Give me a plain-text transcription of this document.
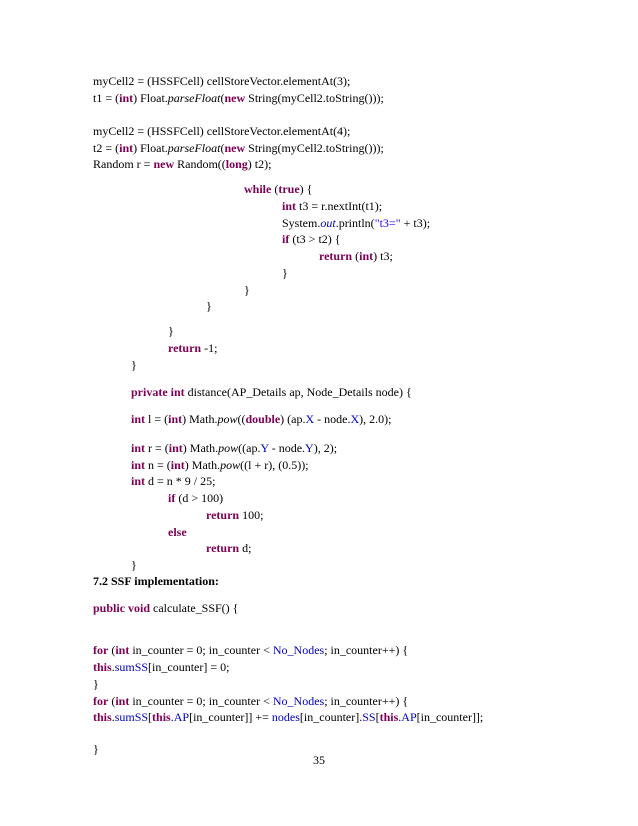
myCell2 = (HSSFCell) cellStoreVector.elementAt(3);
t1 = (int) Float.parseFloat(new String(myCell2.toString()));
myCell2 = (HSSFCell) cellStoreVector.elementAt(4);
t2 = (int) Float.parseFloat(new String(myCell2.toString()));
Random r = new Random((long) t2);
while (true) {
int t3 = r.nextInt(t1);
System.out.println("t3=" + t3);
if (t3 > t2) {
return (int) t3;
}
}
}
}
return -1;
}
private int distance(AP_Details ap, Node_Details node) {
int l = (int) Math.pow((double) (ap.X - node.X), 2.0);
int r = (int) Math.pow((ap.Y - node.Y), 2);
int n = (int) Math.pow((l + r), (0.5));
int d = n * 9 / 25;
if (d > 100)
return 100;
else
return d;
}
7.2 SSF implementation:
public void calculate_SSF() {
for (int in_counter = 0; in_counter < No_Nodes; in_counter++) {
this.sumSS[in_counter] = 0;
}
for (int in_counter = 0; in_counter < No_Nodes; in_counter++) {
this.sumSS[this.AP[in_counter]] += nodes[in_counter].SS[this.AP[in_counter]];
}
35
